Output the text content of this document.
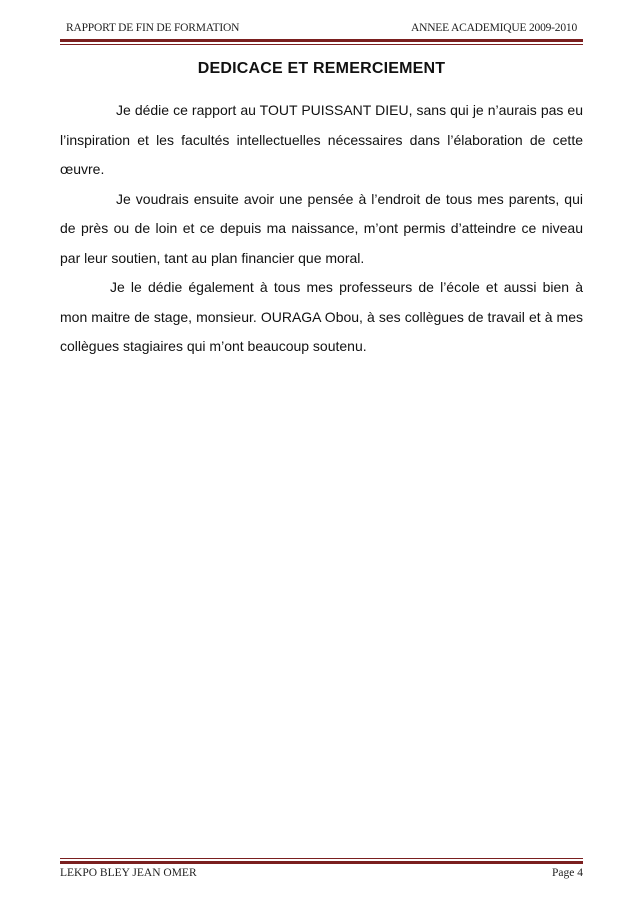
RAPPORT DE FIN DE FORMATION	ANNEE ACADEMIQUE 2009-2010
DEDICACE ET REMERCIEMENT

Je dédie ce rapport au TOUT PUISSANT DIEU, sans qui je n’aurais pas eu l’inspiration et les facultés intellectuelles nécessaires dans l’élaboration de cette œuvre.

Je voudrais ensuite avoir une pensée à l’endroit de tous mes parents, qui de près ou de loin et ce depuis ma naissance, m’ont permis d’atteindre ce niveau par leur soutien, tant au plan financier que moral.

Je le dédie également à tous mes professeurs de l’école et aussi bien à mon maitre de stage, monsieur. OURAGA Obou, à ses collègues de travail et à mes collègues stagiaires qui m’ont beaucoup soutenu.

LEKPO BLEY JEAN OMER	Page 4
